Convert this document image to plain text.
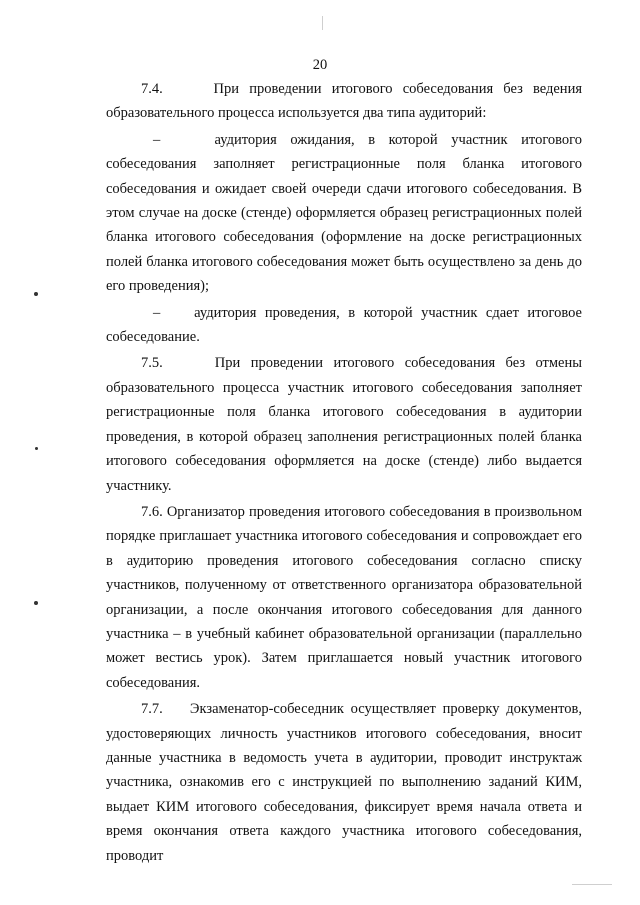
20

7.4.     При проведении итогового собеседования без ведения образовательного процесса используется два типа аудиторий:

–    аудитория ожидания, в которой участник итогового собеседования заполняет регистрационные поля бланка итогового собеседования и ожидает своей очереди сдачи итогового собеседования. В этом случае на доске (стенде) оформляется образец регистрационных полей бланка итогового собеседования (оформление на доске регистрационных полей бланка итогового собеседования может быть осуществлено за день до его проведения);

–    аудитория проведения, в которой участник сдает итоговое собеседование.

7.5.     При проведении итогового собеседования без отмены образовательного процесса участник итогового собеседования заполняет регистрационные поля бланка итогового собеседования в аудитории проведения, в которой образец заполнения регистрационных полей бланка итогового собеседования оформляется на доске (стенде) либо выдается участнику.

7.6. Организатор проведения итогового собеседования в произвольном порядке приглашает участника итогового собеседования и сопровождает его в аудиторию проведения итогового собеседования согласно списку участников, полученному от ответственного организатора образовательной организации, а после окончания итогового собеседования для данного участника – в учебный кабинет образовательной организации (параллельно может вестись урок). Затем приглашается новый участник итогового собеседования.

7.7.    Экзаменатор-собеседник осуществляет проверку документов, удостоверяющих личность участников итогового собеседования, вносит данные участника в ведомость учета в аудитории, проводит инструктаж участника, ознакомив его с инструкцией по выполнению заданий КИМ, выдает КИМ итогового собеседования, фиксирует время начала ответа и время окончания ответа каждого участника итогового собеседования, проводит
